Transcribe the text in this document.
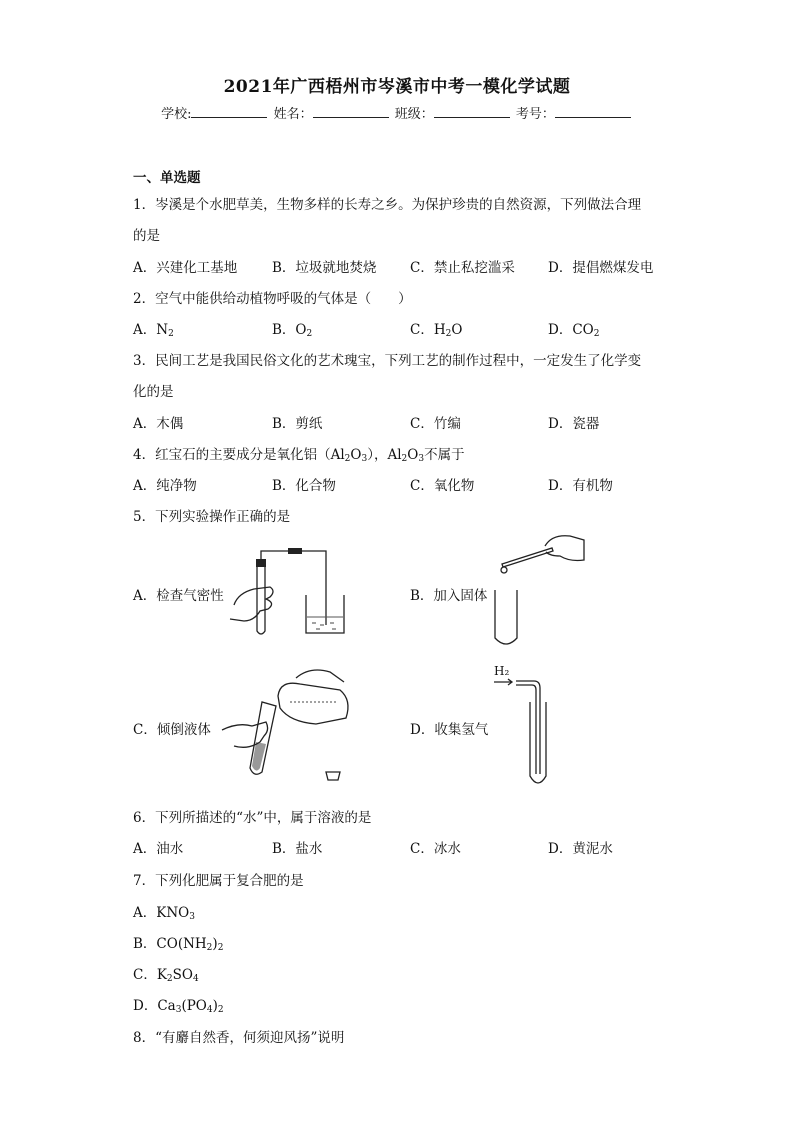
2021年广西梧州市岑溪市中考一模化学试题
学校:	姓名：	班级：	考号：
一、单选题
1．岑溪是个水肥草美，生物多样的长寿之乡。为保护珍贵的自然资源，下列做法合理
的是
A．兴建化工基地	B．垃圾就地焚烧 C．禁止私挖滥采 D．提倡燃煤发电
2．空气中能供给动植物呼吸的气体是（　　）
A．$N_2$	B．$O_2$	C．$H_2O$	D．$CO_2$
3．民间工艺是我国民俗文化的艺术瑰宝，下列工艺的制作过程中，一定发生了化学变
化的是
A．木偶	B．剪纸	C．竹编	D．瓷器
4．红宝石的主要成分是氧化铝$(Al_2O_3)$，$Al_2O_3$不属于
A．纯净物	B．化合物	C．氧化物	D．有机物
5．下列实验操作正确的是
A．检查气密性	B．加入固体
C．倾倒液体	D．收集氢气
H₂
6．下列所描述的“水”中，属于溶液的是
A．油水	B．盐水	C．冰水	D．黄泥水
7．下列化肥属于复合肥的是
A．$KNO_3$
B．$CO(NH_2)_2$
C．$K_2SO_4$
D．$Ca_3(PO_4)_2$
8．“有麝自然香，何须迎风扬”说明
